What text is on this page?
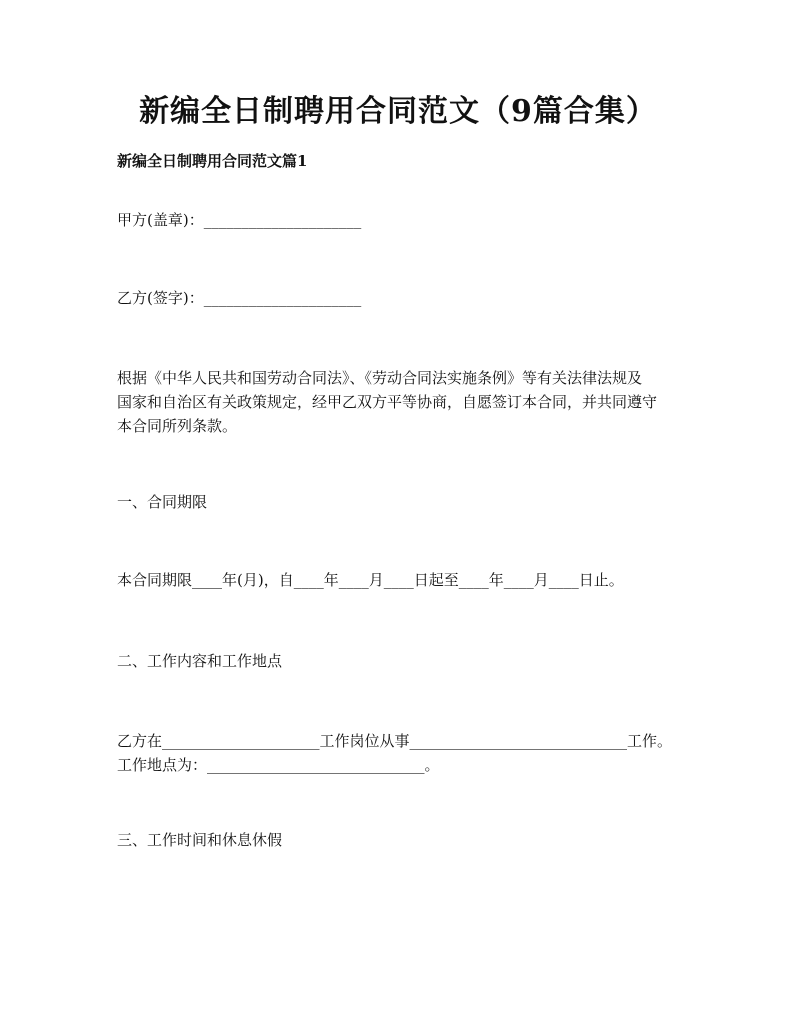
新编全日制聘用合同范文（9篇合集）
新编全日制聘用合同范文篇1
甲方(盖章)：_____________________
乙方(签字)：_____________________
根据《中华人民共和国劳动合同法》、《劳动合同法实施条例》等有关法律法规及
国家和自治区有关政策规定，经甲乙双方平等协商，自愿签订本合同，并共同遵守
本合同所列条款。
一、合同期限
本合同期限____年(月)，自____年____月____日起至____年____月____日止。
二、工作内容和工作地点
乙方在_____________________工作岗位从事_____________________________工作。
工作地点为：_____________________________。
三、工作时间和休息休假
